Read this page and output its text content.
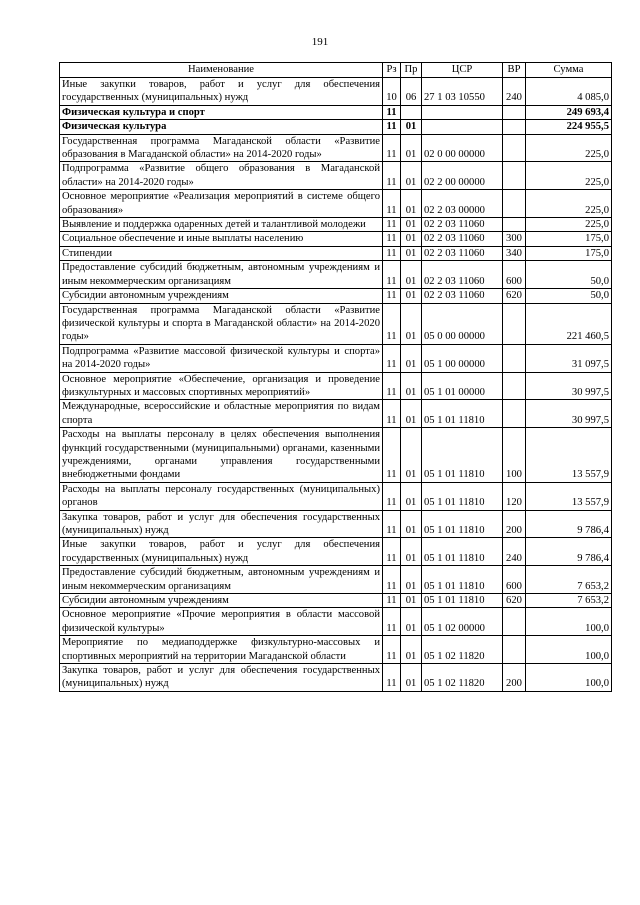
191
Наименование	Рз	Пр	ЦСР	ВР	Сумма
Иные закупки товаров, работ и услуг для обеспечения государственных (муниципальных) нужд	10	06	27 1 03 10550	240	4 085,0
Физическая культура и спорт	11				249 693,4
Физическая культура	11	01			224 955,5
Государственная программа Магаданской области «Развитие образования в Магаданской области» на 2014-2020 годы»	11	01	02 0 00 00000		225,0
Подпрограмма «Развитие общего образования в Магаданской области» на 2014-2020 годы»	11	01	02 2 00 00000		225,0
Основное мероприятие «Реализация мероприятий в системе общего образования»	11	01	02 2 03 00000		225,0
Выявление и поддержка одаренных детей и талантливой молодежи	11	01	02 2 03 11060		225,0
Социальное обеспечение и иные выплаты населению	11	01	02 2 03 11060	300	175,0
Стипендии	11	01	02 2 03 11060	340	175,0
Предоставление субсидий бюджетным, автономным учреждениям и иным некоммерческим организациям	11	01	02 2 03 11060	600	50,0
Субсидии автономным учреждениям	11	01	02 2 03 11060	620	50,0
Государственная программа Магаданской области «Развитие физической культуры и спорта в Магаданской области» на 2014-2020 годы»	11	01	05 0 00 00000		221 460,5
Подпрограмма «Развитие массовой физической культуры и спорта» на 2014-2020 годы»	11	01	05 1 00 00000		31 097,5
Основное мероприятие «Обеспечение, организация и проведение физкультурных и массовых спортивных мероприятий»	11	01	05 1 01 00000		30 997,5
Международные, всероссийские и областные мероприятия по видам спорта	11	01	05 1 01 11810		30 997,5
Расходы на выплаты персоналу в целях обеспечения выполнения функций государственными (муниципальными) органами, казенными учреждениями, органами управления государственными внебюджетными фондами	11	01	05 1 01 11810	100	13 557,9
Расходы на выплаты персоналу государственных (муниципальных) органов	11	01	05 1 01 11810	120	13 557,9
Закупка товаров, работ и услуг для обеспечения государственных (муниципальных) нужд	11	01	05 1 01 11810	200	9 786,4
Иные закупки товаров, работ и услуг для обеспечения государственных (муниципальных) нужд	11	01	05 1 01 11810	240	9 786,4
Предоставление субсидий бюджетным, автономным учреждениям и иным некоммерческим организациям	11	01	05 1 01 11810	600	7 653,2
Субсидии автономным учреждениям	11	01	05 1 01 11810	620	7 653,2
Основное мероприятие «Прочие мероприятия в области массовой физической культуры»	11	01	05 1 02 00000		100,0
Мероприятие по медиаподдержке физкультурно-массовых и спортивных мероприятий на территории Магаданской области	11	01	05 1 02 11820		100,0
Закупка товаров, работ и услуг для обеспечения государственных (муниципальных) нужд	11	01	05 1 02 11820	200	100,0
